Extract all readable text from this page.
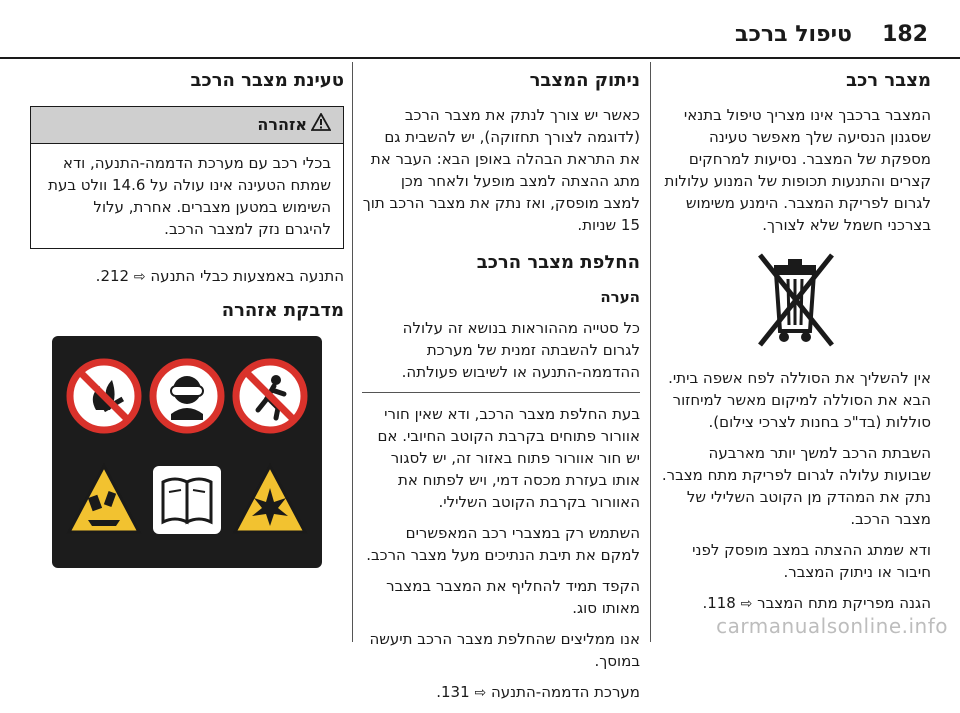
182
טיפול ברכב
מצבר רכב

המצבר ברכבך אינו מצריך טיפול בתנאי שסגנון הנסיעה שלך מאפשר טעינה מספקת של המצבר. נסיעות למרחקים קצרים והתנעות תכופות של המנוע עלולות לגרום לפריקת המצבר. הימנע משימוש בצרכני חשמל שלא לצורך.

אין להשליך את הסוללה לפח אשפה ביתי. הבא את הסוללה למיקום מאשר למיחזור סוללות (בד"כ בחנות לצרכי צילום).

השבתת הרכב למשך יותר מארבעה שבועות עלולה לגרום לפריקת מתח מצבר. נתק את המהדק מן הקוטב השלילי של מצבר הרכב.

ודא שמתג ההצתה במצב מופסק לפני חיבור או ניתוק המצבר.

הגנה מפריקת מתח המצבר ⇨ 118.

ניתוק המצבר

כאשר יש צורך לנתק את מצבר הרכב (לדוגמה לצורך תחזוקה), יש להשבית גם את התראת הבהלה באופן הבא: העבר את מתג ההצתה למצב מופעל ולאחר מכן למצב מופסק, ואז נתק את מצבר הרכב תוך 15 שניות.

החלפת מצבר הרכב

הערה

כל סטייה מההוראות בנושא זה עלולה לגרום להשבתה זמנית של מערכת ההדממה-התנעה או לשיבוש פעולתה.

בעת החלפת מצבר הרכב, ודא שאין חורי אוורור פתוחים בקרבת הקוטב החיובי. אם יש חור אוורור פתוח באזור זה, יש לסגור אותו בעזרת מכסה דמי, ויש לפתוח את האוורור בקרבת הקוטב השלילי.

השתמש רק במצברי רכב המאפשרים למקם את תיבת הנתיכים מעל מצבר הרכב.

הקפד תמיד להחליף את המצבר במצבר מאותו סוג.

אנו ממליצים שהחלפת מצבר הרכב תיעשה במוסך.

מערכת הדממה-התנעה ⇨ 131.

טעינת מצבר הרכב
אזהרה
בכלי רכב עם מערכת הדממה-התנעה, ודא שמתח הטעינה אינו עולה על 14.6 וולט בעת השימוש במטען מצברים. אחרת, עלול להיגרם נזק למצבר הרכב.

התנעה באמצעות כבלי התנעה ⇨ 212.

מדבקת אזהרה
carmanualsonline.info
